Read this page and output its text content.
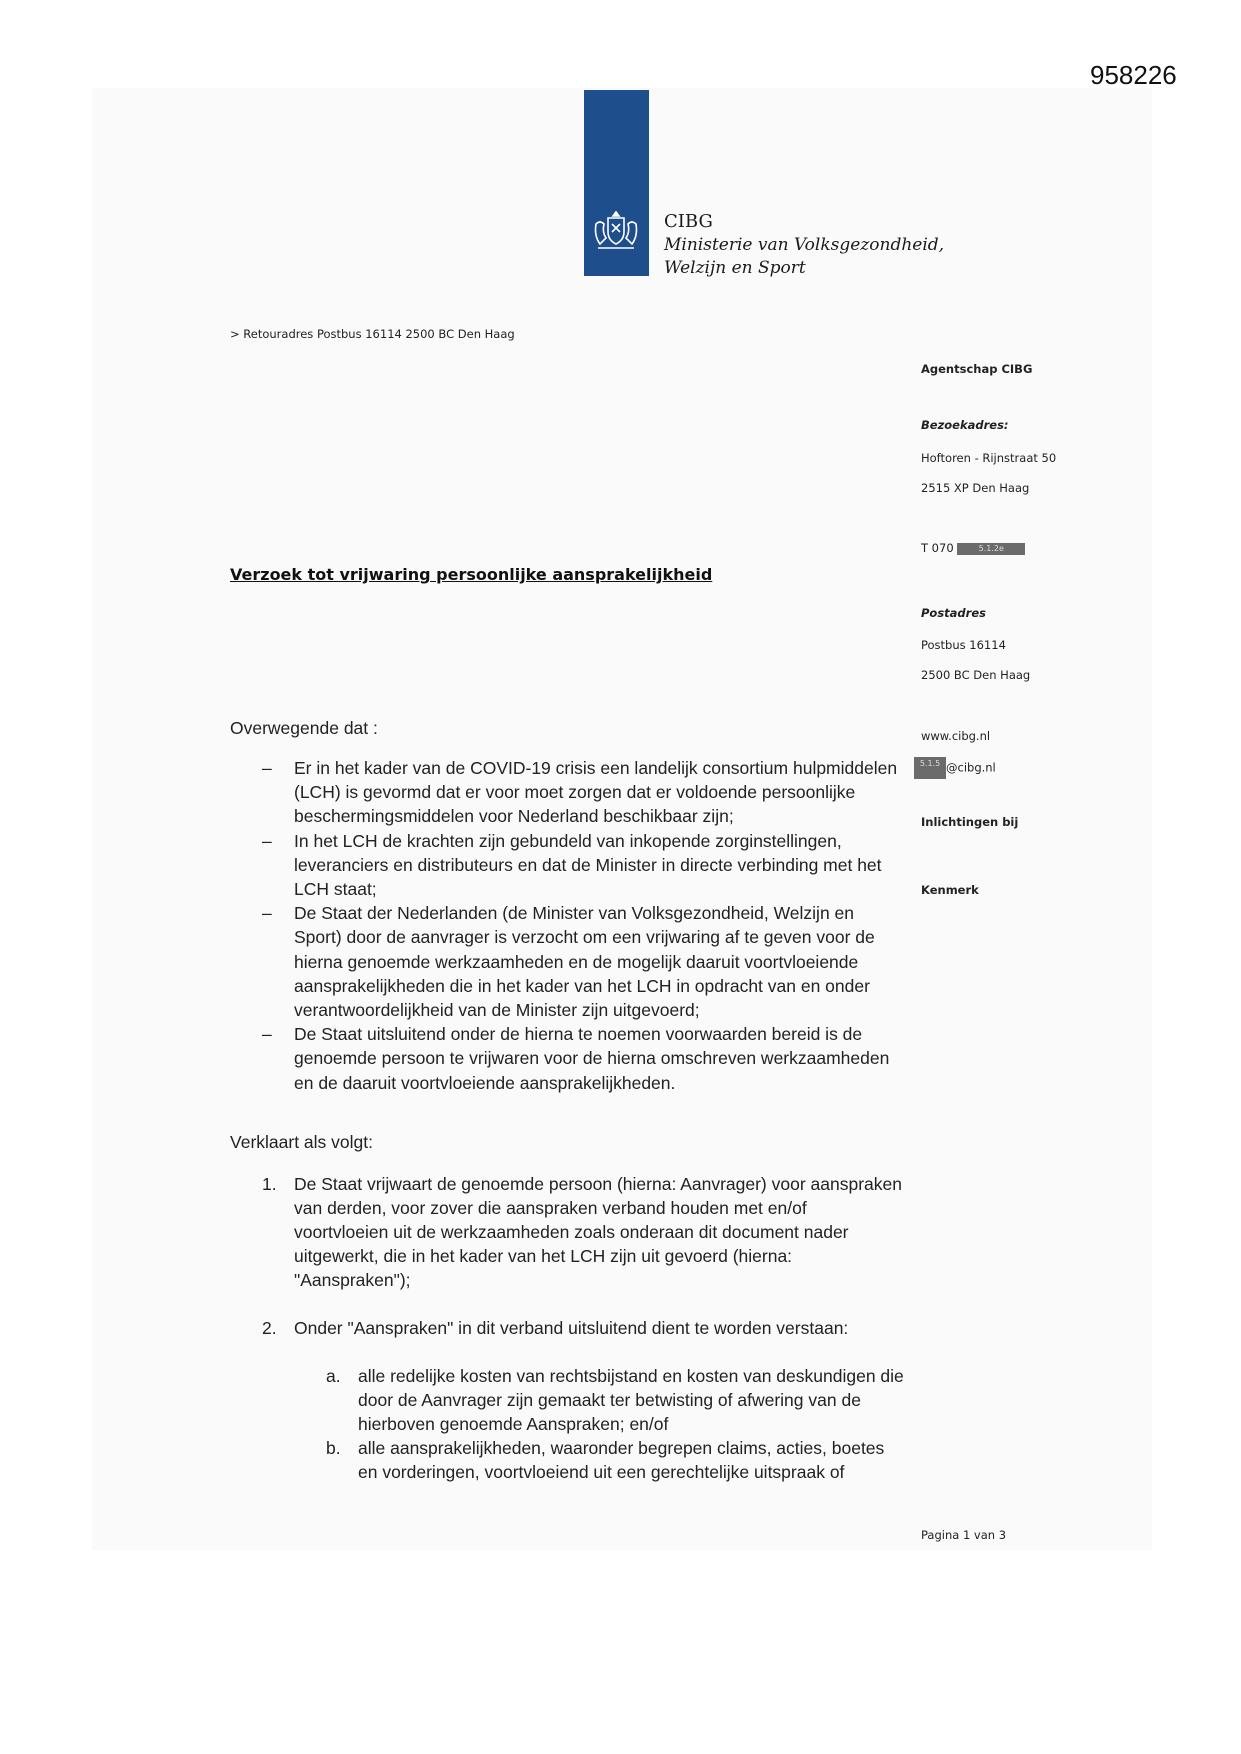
958226
CIBG
Ministerie van Volksgezondheid,
Welzijn en Sport
> Retouradres Postbus 16114 2500 BC Den Haag
Agentschap CIBG
Bezoekadres:
Hoftoren - Rijnstraat 50
2515 XP Den Haag
T 070	5.1.2e
Postadres
Postbus 16114
2500 BC Den Haag
www.cibg.nl
5.1.5 @cibg.nl
Inlichtingen bij
Kenmerk
Verzoek tot vrijwaring persoonlijke aansprakelijkheid
Overwegende dat :
– Er in het kader van de COVID-19 crisis een landelijk consortium hulpmiddelen (LCH) is gevormd dat er voor moet zorgen dat er voldoende persoonlijke beschermingsmiddelen voor Nederland beschikbaar zijn;
– In het LCH de krachten zijn gebundeld van inkopende zorginstellingen, leveranciers en distributeurs en dat de Minister in directe verbinding met het LCH staat;
– De Staat der Nederlanden (de Minister van Volksgezondheid, Welzijn en Sport) door de aanvrager is verzocht om een vrijwaring af te geven voor de hierna genoemde werkzaamheden en de mogelijk daaruit voortvloeiende aansprakelijkheden die in het kader van het LCH in opdracht van en onder verantwoordelijkheid van de Minister zijn uitgevoerd;
– De Staat uitsluitend onder de hierna te noemen voorwaarden bereid is de genoemde persoon te vrijwaren voor de hierna omschreven werkzaamheden en de daaruit voortvloeiende aansprakelijkheden.
Verklaart als volgt:
1. De Staat vrijwaart de genoemde persoon (hierna: Aanvrager) voor aanspraken van derden, voor zover die aanspraken verband houden met en/of voortvloeien uit de werkzaamheden zoals onderaan dit document nader uitgewerkt, die in het kader van het LCH zijn uit gevoerd (hierna: "Aanspraken");
2. Onder "Aanspraken" in dit verband uitsluitend dient te worden verstaan:
a. alle redelijke kosten van rechtsbijstand en kosten van deskundigen die door de Aanvrager zijn gemaakt ter betwisting of afwering van de hierboven genoemde Aanspraken; en/of
b. alle aansprakelijkheden, waaronder begrepen claims, acties, boetes en vorderingen, voortvloeiend uit een gerechtelijke uitspraak of
Pagina 1 van 3
